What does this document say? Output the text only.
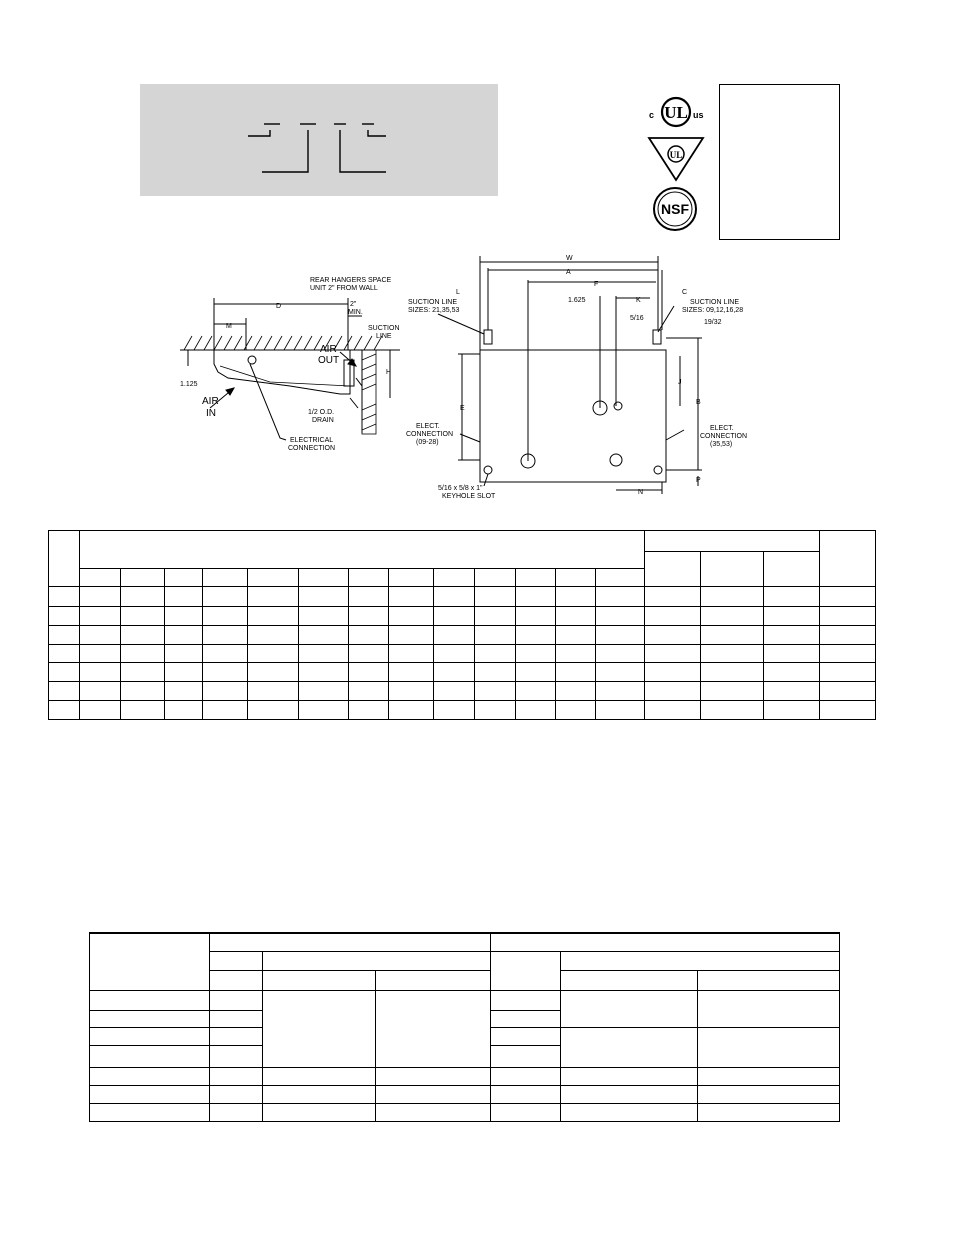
UL
c	us
UL
NSF
REAR HANGERS SPACE
UNIT 2" FROM WALL
D
M
2"
MIN.
H
1.125
SUCTION
LINE
AIR
OUT
AIR
IN	1/2 O.D.
DRAIN
ELECTRICAL
CONNECTION
W
A
F
L	C
K
1.625
5/16
19/32
E
J
B
N
P
SUCTION LINE
SIZES: 21,35,53
SUCTION LINE
SIZES: 09,12,16,28
ELECT.
CONNECTION
(09-28)
ELECT.
CONNECTION
(35,53)
5/16 x 5/8 x 1"
KEYHOLE SLOT
